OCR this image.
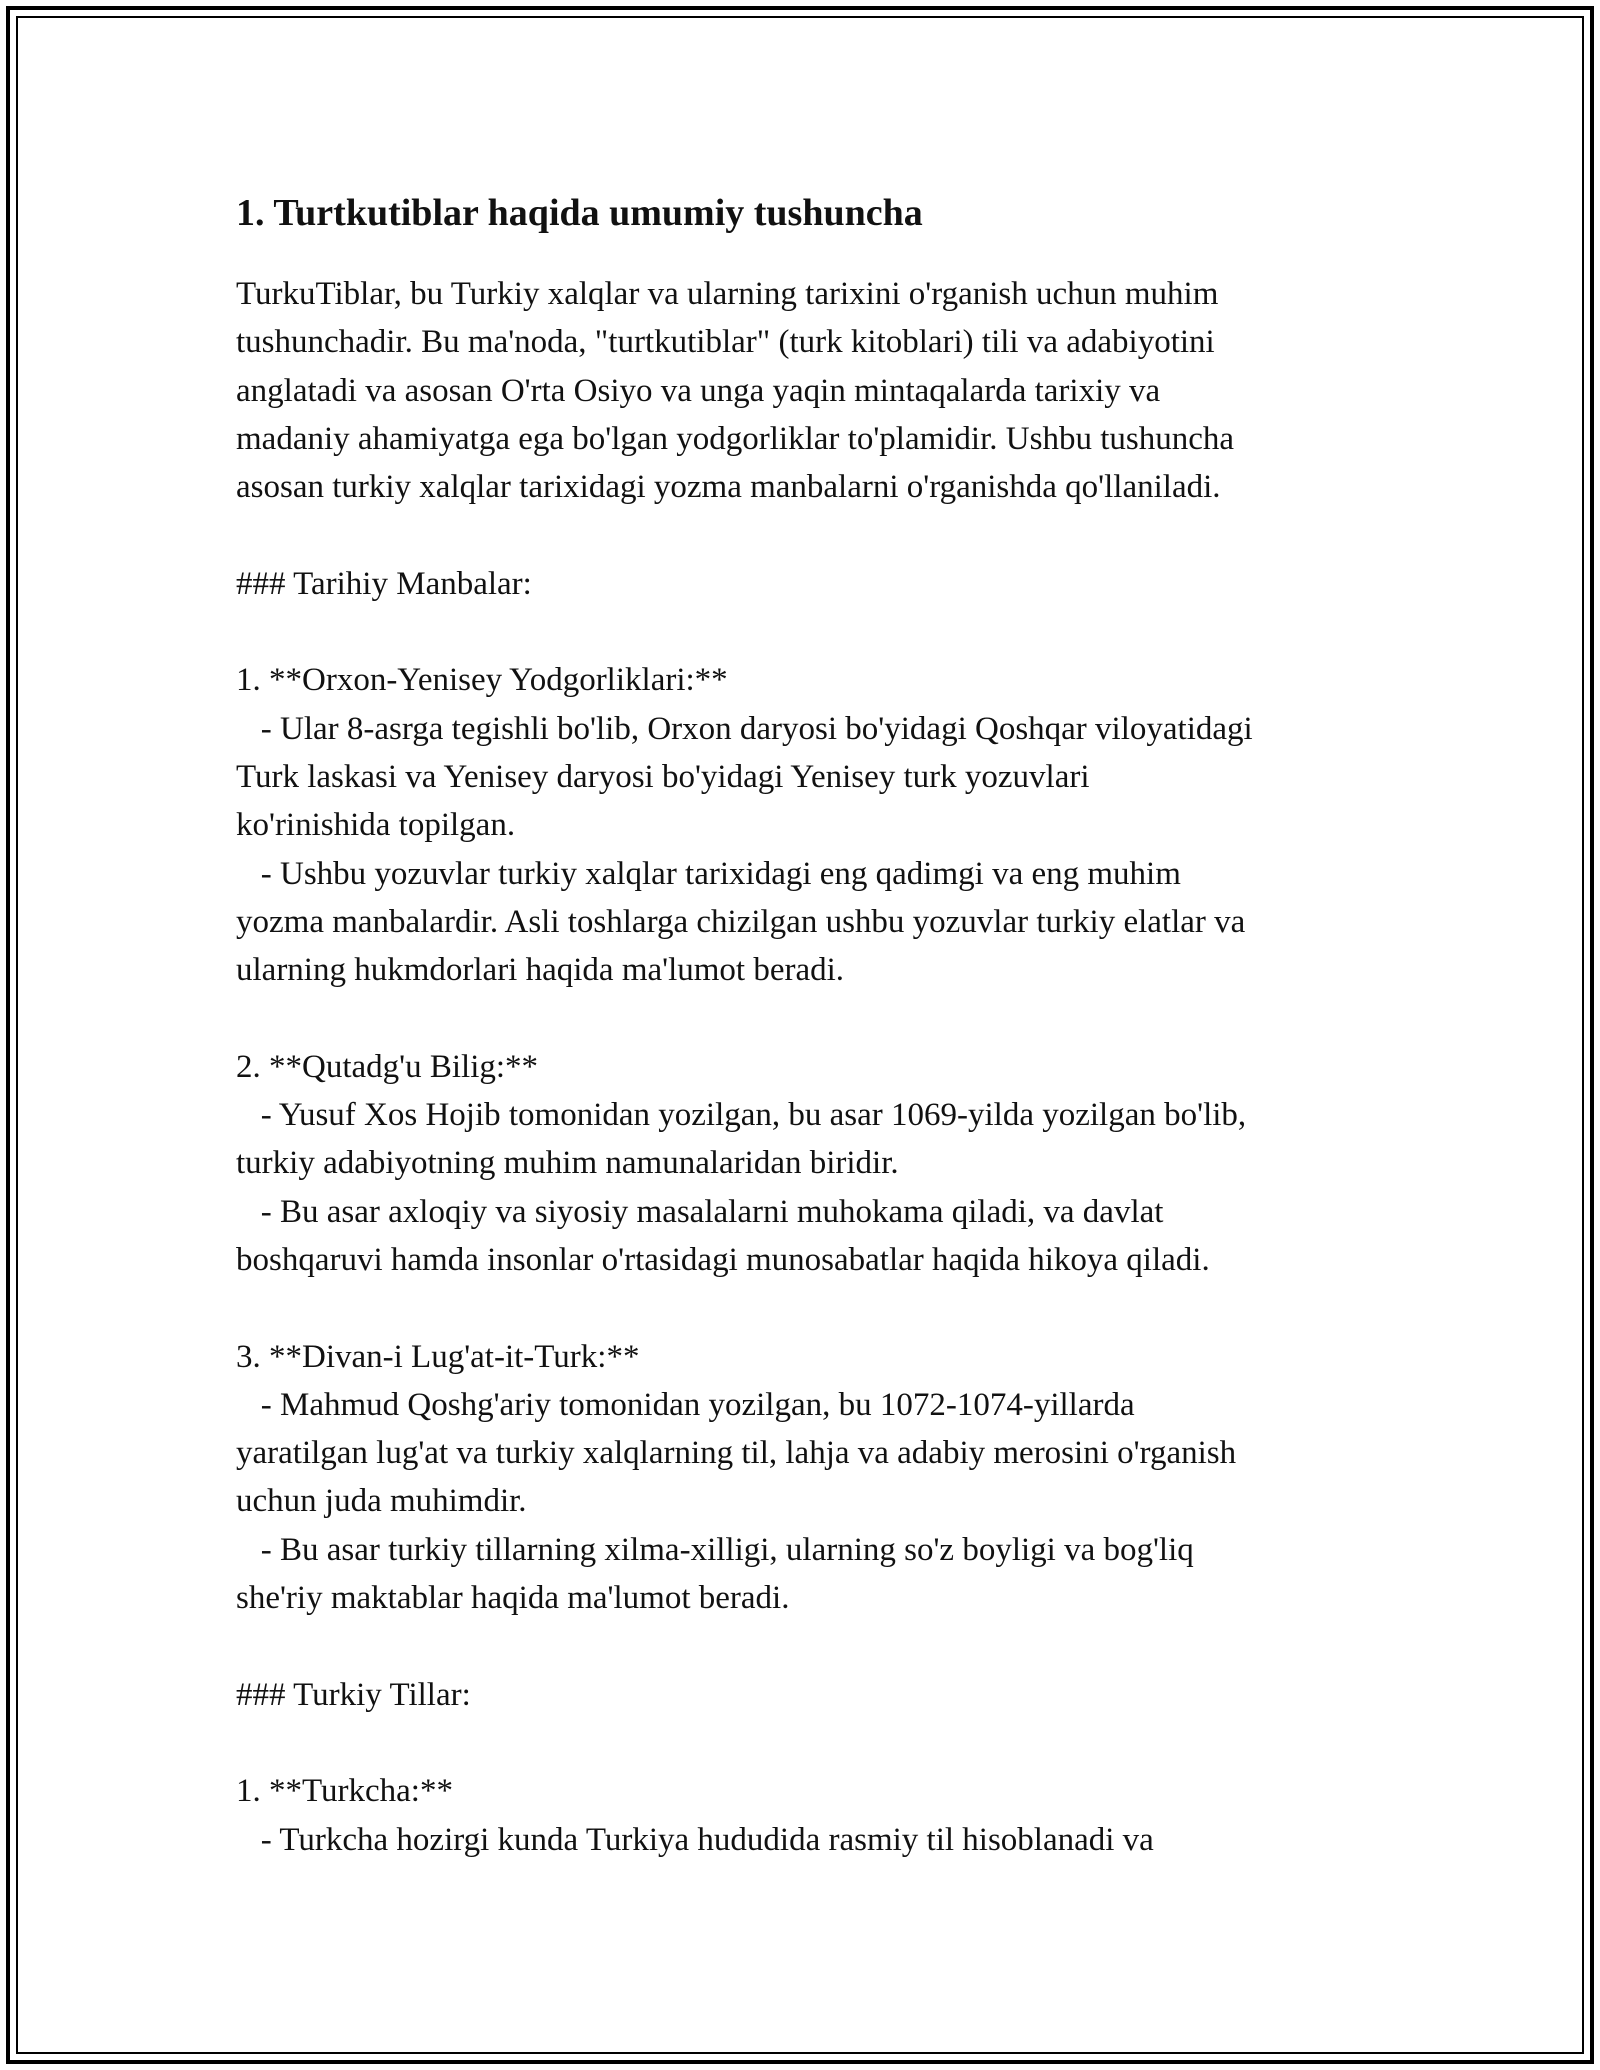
1. Turtkutiblar haqida umumiy tushuncha
TurkuTiblar, bu Turkiy xalqlar va ularning tarixini o'rganish uchun muhim
tushunchadir. Bu ma'noda, "turtkutiblar" (turk kitoblari) tili va adabiyotini
anglatadi va asosan O'rta Osiyo va unga yaqin mintaqalarda tarixiy va
madaniy ahamiyatga ega bo'lgan yodgorliklar to'plamidir. Ushbu tushuncha
asosan turkiy xalqlar tarixidagi yozma manbalarni o'rganishda qo'llaniladi.
### Tarihiy Manbalar:
1. **Orxon-Yenisey Yodgorliklari:**
- Ular 8-asrga tegishli bo'lib, Orxon daryosi bo'yidagi Qoshqar viloyatidagi
Turk laskasi va Yenisey daryosi bo'yidagi Yenisey turk yozuvlari
ko'rinishida topilgan.
- Ushbu yozuvlar turkiy xalqlar tarixidagi eng qadimgi va eng muhim
yozma manbalardir. Asli toshlarga chizilgan ushbu yozuvlar turkiy elatlar va
ularning hukmdorlari haqida ma'lumot beradi.
2. **Qutadg'u Bilig:**
- Yusuf Xos Hojib tomonidan yozilgan, bu asar 1069-yilda yozilgan bo'lib,
turkiy adabiyotning muhim namunalaridan biridir.
- Bu asar axloqiy va siyosiy masalalarni muhokama qiladi, va davlat
boshqaruvi hamda insonlar o'rtasidagi munosabatlar haqida hikoya qiladi.
3. **Divan-i Lug'at-it-Turk:**
- Mahmud Qoshg'ariy tomonidan yozilgan, bu 1072-1074-yillarda
yaratilgan lug'at va turkiy xalqlarning til, lahja va adabiy merosini o'rganish
uchun juda muhimdir.
- Bu asar turkiy tillarning xilma-xilligi, ularning so'z boyligi va bog'liq
she'riy maktablar haqida ma'lumot beradi.
### Turkiy Tillar:
1. **Turkcha:**
- Turkcha hozirgi kunda Turkiya hududida rasmiy til hisoblanadi va
